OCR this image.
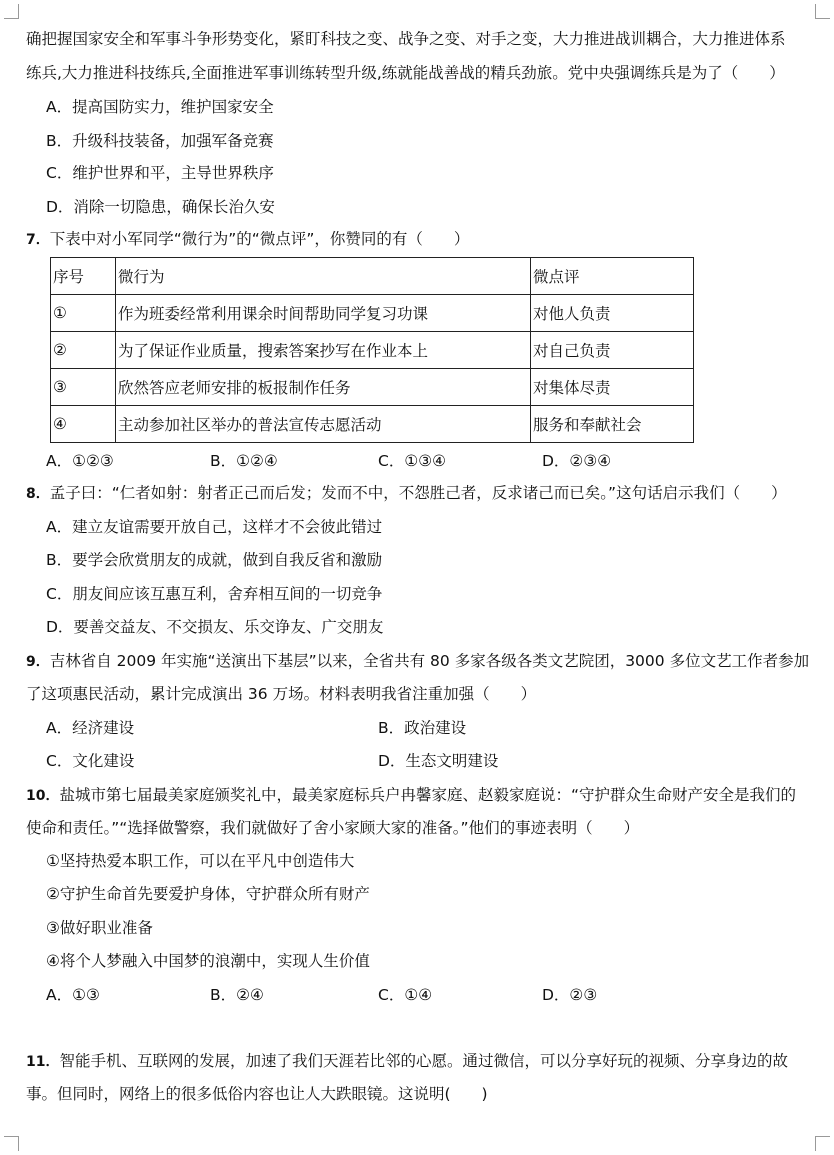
确把握国家安全和军事斗争形势变化，紧盯科技之变、战争之变、对手之变，大力推进战训耦合，大力推进体系
练兵,大力推进科技练兵,全面推进军事训练转型升级,练就能战善战的精兵劲旅。党中央强调练兵是为了（　　）
A．提高国防实力，维护国家安全
B．升级科技装备，加强军备竞赛
C．维护世界和平，主导世界秩序
D．消除一切隐患，确保长治久安
7．下表中对小军同学“微行为”的“微点评”，你赞同的有（　　）
序号	微行为	微点评
①	作为班委经常利用课余时间帮助同学复习功课	对他人负责
②	为了保证作业质量，搜索答案抄写在作业本上	对自己负责
③	欣然答应老师安排的板报制作任务	对集体尽责
④	主动参加社区举办的普法宣传志愿活动	服务和奉献社会
A．①②③	B．①②④	C．①③④	D．②③④
8．孟子曰：“仁者如射：射者正己而后发；发而不中，不怨胜己者，反求诸己而已矣。”这句话启示我们（　　）
A．建立友谊需要开放自己，这样才不会彼此错过
B．要学会欣赏朋友的成就，做到自我反省和激励
C．朋友间应该互惠互利，舍弃相互间的一切竞争
D．要善交益友、不交损友、乐交诤友、广交朋友
9．吉林省自 2009 年实施“送演出下基层”以来，全省共有 80 多家各级各类文艺院团，3000 多位文艺工作者参加
了这项惠民活动，累计完成演出 36 万场。材料表明我省注重加强（　　）
A．经济建设	B．政治建设
C．文化建设	D．生态文明建设
10．盐城市第七届最美家庭颁奖礼中，最美家庭标兵户冉馨家庭、赵毅家庭说：“守护群众生命财产安全是我们的
使命和责任。”“选择做警察，我们就做好了舍小家顾大家的准备。”他们的事迹表明（　　）
①坚持热爱本职工作，可以在平凡中创造伟大
②守护生命首先要爱护身体，守护群众所有财产
③做好职业准备
④将个人梦融入中国梦的浪潮中，实现人生价值
A．①③	B．②④	C．①④	D．②③
11．智能手机、互联网的发展，加速了我们天涯若比邻的心愿。通过微信，可以分享好玩的视频、分享身边的故
事。但同时，网络上的很多低俗内容也让人大跌眼镜。这说明(　　)
